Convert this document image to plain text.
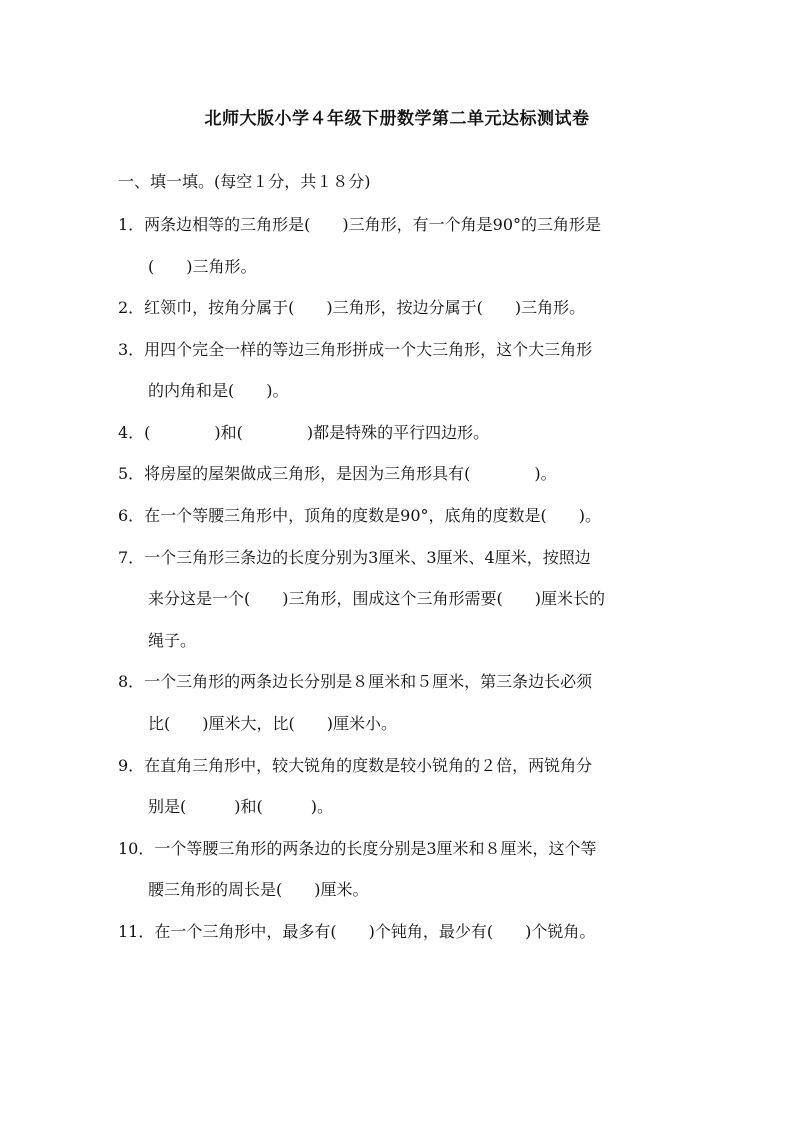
北师大版小学４年级下册数学第二单元达标测试卷
一、填一填。(每空１分，共１８分)
1．两条边相等的三角形是(　　)三角形，有一个角是90°的三角形是
(　　)三角形。
2．红领巾，按角分属于(　　)三角形，按边分属于(　　)三角形。
3．用四个完全一样的等边三角形拼成一个大三角形，这个大三角形
的内角和是(　　)。
4．(　　　　)和(　　　　)都是特殊的平行四边形。
5．将房屋的屋架做成三角形，是因为三角形具有(　　　　)。
6．在一个等腰三角形中，顶角的度数是90°，底角的度数是(　　)。
7．一个三角形三条边的长度分别为3厘米、3厘米、4厘米，按照边
来分这是一个(　　)三角形，围成这个三角形需要(　　)厘米长的
绳子。
8．一个三角形的两条边长分别是８厘米和５厘米，第三条边长必须
比(　　)厘米大，比(　　)厘米小。
9．在直角三角形中，较大锐角的度数是较小锐角的２倍，两锐角分
别是(　　　)和(　　　)。
10．一个等腰三角形的两条边的长度分别是3厘米和８厘米，这个等
腰三角形的周长是(　　)厘米。
11．在一个三角形中，最多有(　　)个钝角，最少有(　　)个锐角。
